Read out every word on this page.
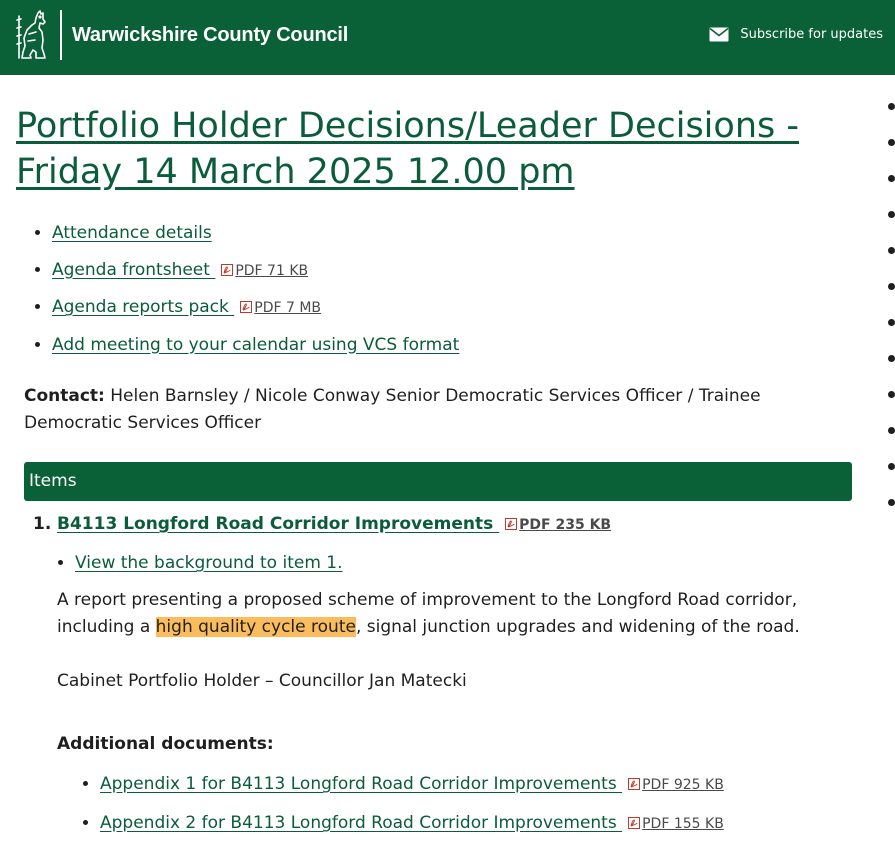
Warwickshire County Council	Subscribe for updates
Portfolio Holder Decisions/Leader Decisions - Friday 14 March 2025 12.00 pm
• Attendance details
• Agenda frontsheet PDF 71 KB
• Agenda reports pack PDF 7 MB
• Add meeting to your calendar using VCS format

Contact: Helen Barnsley / Nicole Conway Senior Democratic Services Officer / Trainee Democratic Services Officer

Items
1. B4113 Longford Road Corridor Improvements PDF 235 KB
• View the background to item 1.

A report presenting a proposed scheme of improvement to the Longford Road corridor, including a high quality cycle route, signal junction upgrades and widening of the road.

Cabinet Portfolio Holder – Councillor Jan Matecki

Additional documents:

• Appendix 1 for B4113 Longford Road Corridor Improvements PDF 925 KB
• Appendix 2 for B4113 Longford Road Corridor Improvements PDF 155 KB
